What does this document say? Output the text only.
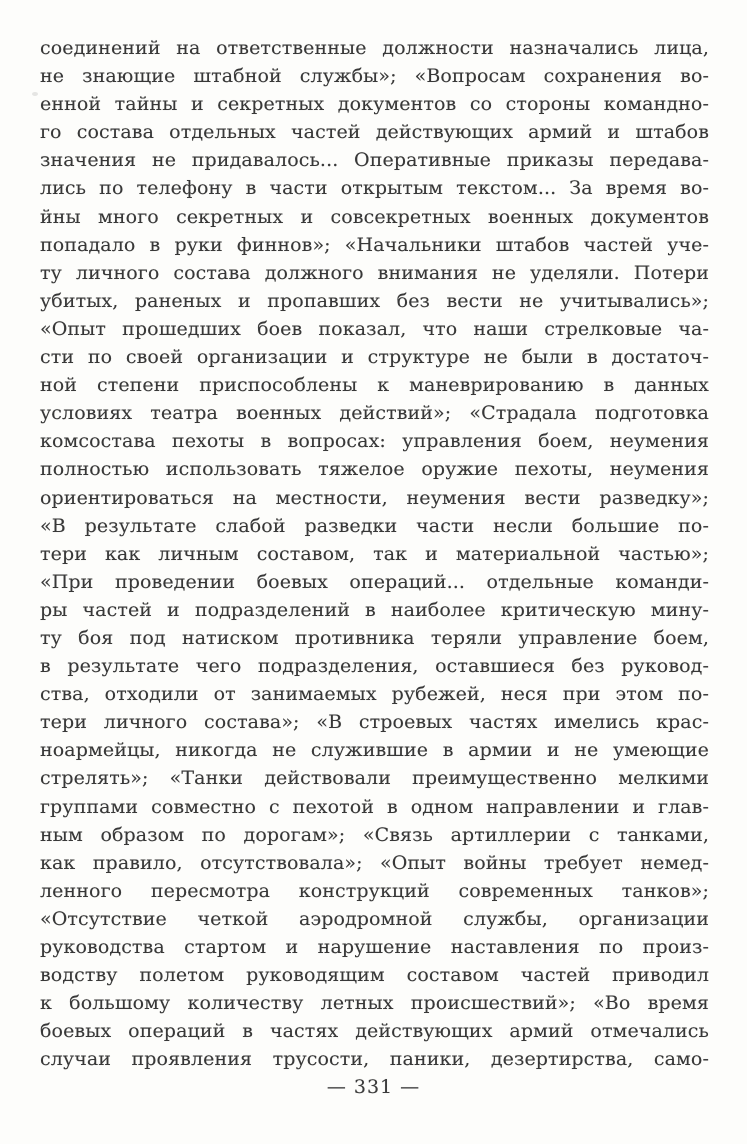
соединений на ответственные должности назначались лица,
не знающие штабной службы»; «Вопросам сохранения во-
енной тайны и секретных документов со стороны командно-
го состава отдельных частей действующих армий и штабов
значения не придавалось... Оперативные приказы передава-
лись по телефону в части открытым текстом... За время во-
йны много секретных и совсекретных военных документов
попадало в руки финнов»; «Начальники штабов частей уче-
ту личного состава должного внимания не уделяли. Потери
убитых, раненых и пропавших без вести не учитывались»;
«Опыт прошедших боев показал, что наши стрелковые ча-
сти по своей организации и структуре не были в достаточ-
ной степени приспособлены к маневрированию в данных
условиях театра военных действий»; «Страдала подготовка
комсостава пехоты в вопросах: управления боем, неумения
полностью использовать тяжелое оружие пехоты, неумения
ориентироваться на местности, неумения вести разведку»;
«В результате слабой разведки части несли большие по-
тери как личным составом, так и материальной частью»;
«При проведении боевых операций... отдельные команди-
ры частей и подразделений в наиболее критическую мину-
ту боя под натиском противника теряли управление боем,
в результате чего подразделения, оставшиеся без руковод-
ства, отходили от занимаемых рубежей, неся при этом по-
тери личного состава»; «В строевых частях имелись крас-
ноармейцы, никогда не служившие в армии и не умеющие
стрелять»; «Танки действовали преимущественно мелкими
группами совместно с пехотой в одном направлении и глав-
ным образом по дорогам»; «Связь артиллерии с танками,
как правило, отсутствовала»; «Опыт войны требует немед-
ленного пересмотра конструкций современных танков»;
«Отсутствие четкой аэродромной службы, организации
руководства стартом и нарушение наставления по произ-
водству полетом руководящим составом частей приводил
к большому количеству летных происшествий»; «Во время
боевых операций в частях действующих армий отмечались
случаи проявления трусости, паники, дезертирства, само-
— 331 —
